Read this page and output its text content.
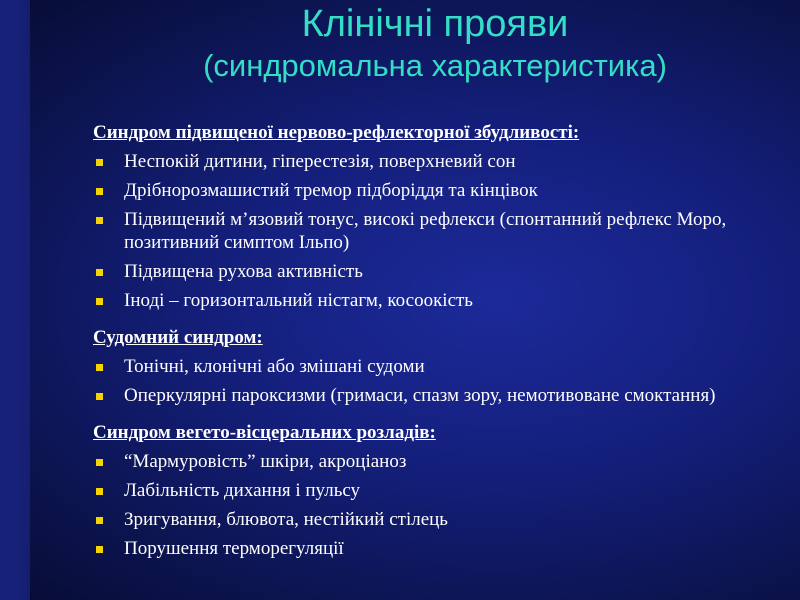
Клінічні прояви
(синдромальна характеристика)
Синдром підвищеної нервово-рефлекторної збудливості:
Неспокій дитини, гіперестезія, поверхневий сон
Дрібнорозмашистий тремор підборіддя та кінцівок
Підвищений м’язовий тонус, високі рефлекси (спонтанний рефлекс Моро, позитивний симптом Ільпо)
Підвищена рухова активність
Іноді – горизонтальний ністагм, косоокість
Судомний синдром:
Тонічні, клонічні або змішані судоми
Оперкулярні пароксизми (гримаси, спазм зору, немотивоване смоктання)
Синдром вегето-вісцеральних розладів:
“Мармуровість” шкіри, акроціаноз
Лабільність дихання і пульсу
Зригування, блювота, нестійкий стілець
Порушення терморегуляції
